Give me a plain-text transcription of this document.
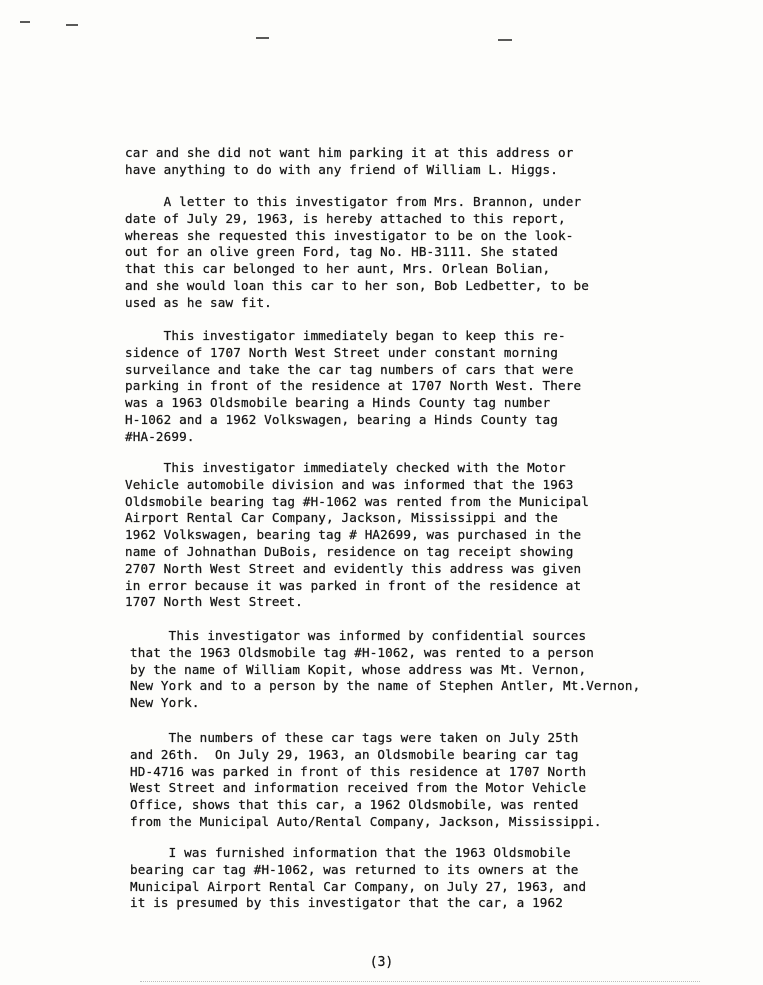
car and she did not want him parking it at this address or
have anything to do with any friend of William L. Higgs.

A letter to this investigator from Mrs. Brannon, under
date of July 29, 1963, is hereby attached to this report,
whereas she requested this investigator to be on the look-
out for an olive green Ford, tag No. HB-3111. She stated
that this car belonged to her aunt, Mrs. Orlean Bolian,
and she would loan this car to her son, Bob Ledbetter, to be
used as he saw fit.

This investigator immediately began to keep this re-
sidence of 1707 North West Street under constant morning
surveilance and take the car tag numbers of cars that were
parking in front of the residence at 1707 North West. There
was a 1963 Oldsmobile bearing a Hinds County tag number
H-1062 and a 1962 Volkswagen, bearing a Hinds County tag
#HA-2699.

This investigator immediately checked with the Motor
Vehicle automobile division and was informed that the 1963
Oldsmobile bearing tag #H-1062 was rented from the Municipal
Airport Rental Car Company, Jackson, Mississippi and the
1962 Volkswagen, bearing tag # HA2699, was purchased in the
name of Johnathan DuBois, residence on tag receipt showing
2707 North West Street and evidently this address was given
in error because it was parked in front of the residence at
1707 North West Street.

This investigator was informed by confidential sources
that the 1963 Oldsmobile tag #H-1062, was rented to a person
by the name of William Kopit, whose address was Mt. Vernon,
New York and to a person by the name of Stephen Antler, Mt.Vernon,
New York.

The numbers of these car tags were taken on July 25th
and 26th.  On July 29, 1963, an Oldsmobile bearing car tag
HD-4716 was parked in front of this residence at 1707 North
West Street and information received from the Motor Vehicle
Office, shows that this car, a 1962 Oldsmobile, was rented
from the Municipal Auto/Rental Company, Jackson, Mississippi.

I was furnished information that the 1963 Oldsmobile
bearing car tag #H-1062, was returned to its owners at the
Municipal Airport Rental Car Company, on July 27, 1963, and
it is presumed by this investigator that the car, a 1962

(3)
